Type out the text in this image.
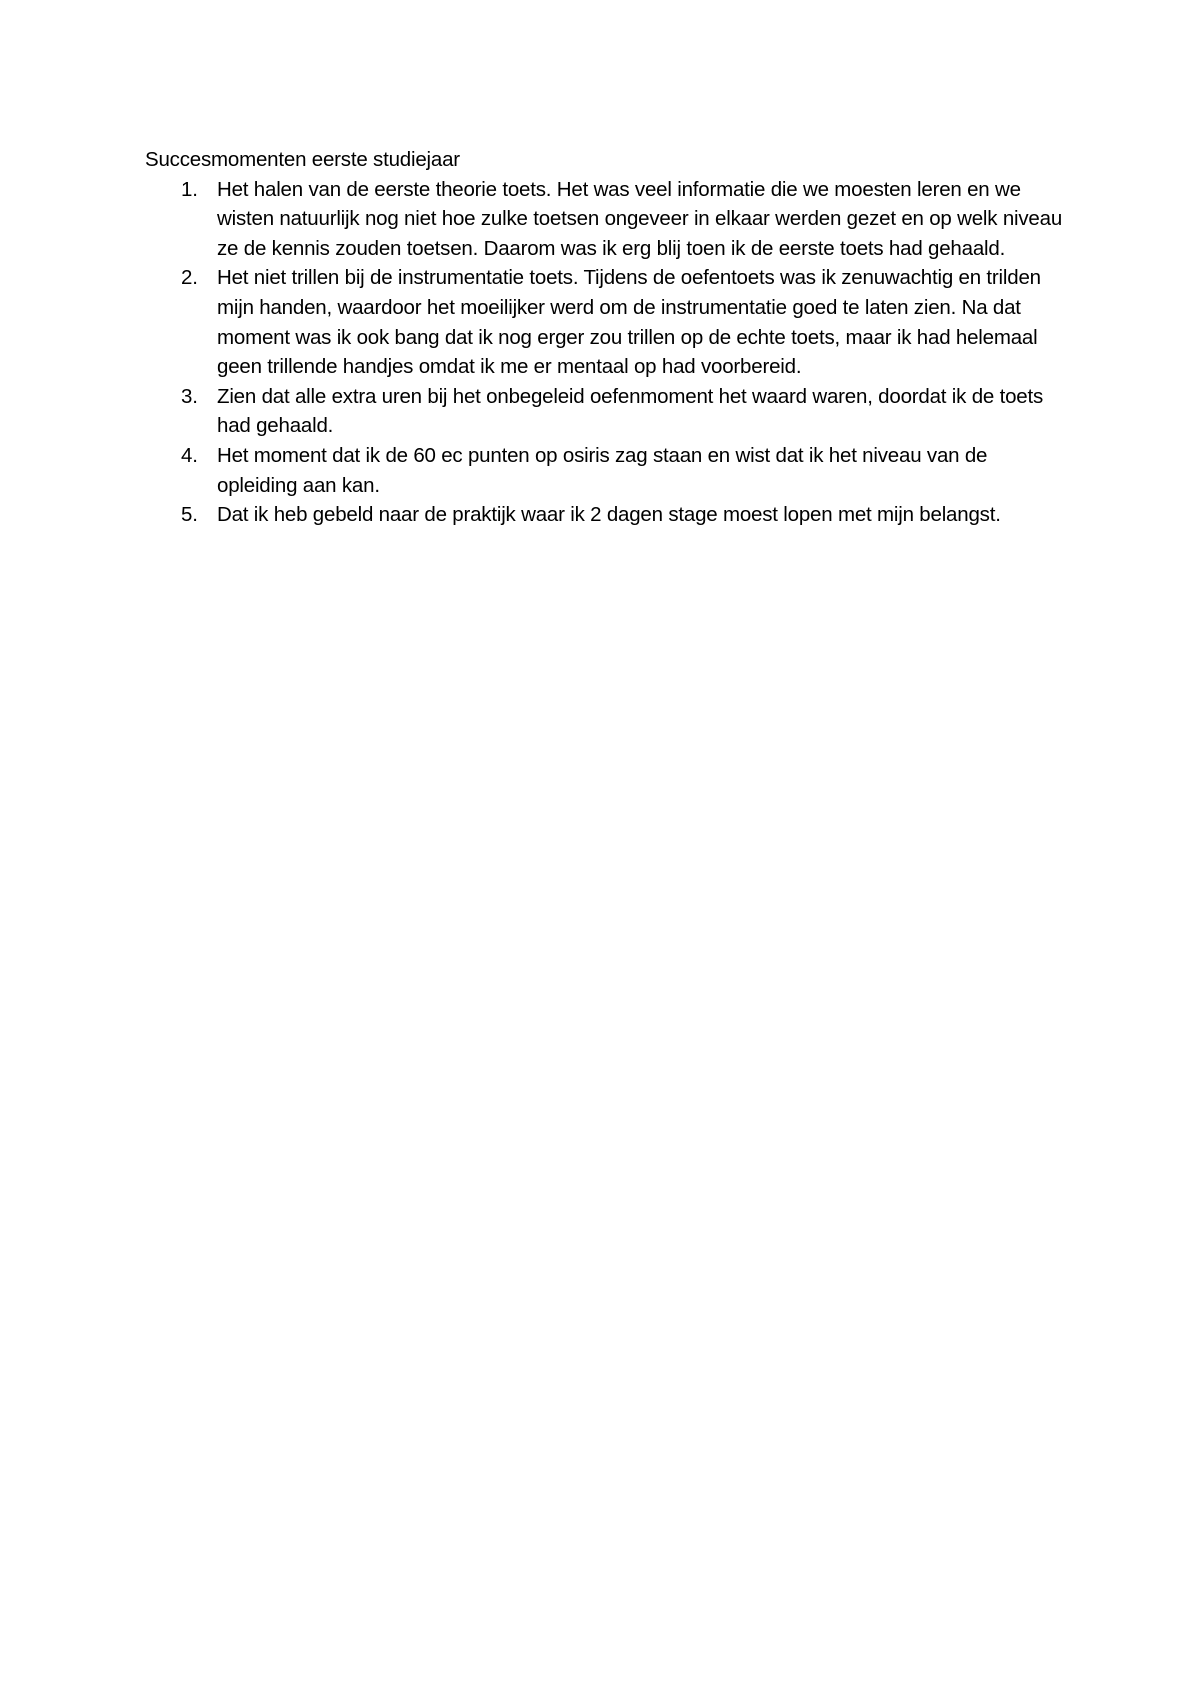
Succesmomenten eerste studiejaar

1. Het halen van de eerste theorie toets. Het was veel informatie die we moesten leren en we wisten natuurlijk nog niet hoe zulke toetsen ongeveer in elkaar werden gezet en op welk niveau ze de kennis zouden toetsen. Daarom was ik erg blij toen ik de eerste toets had gehaald.
2. Het niet trillen bij de instrumentatie toets. Tijdens de oefentoets was ik zenuwachtig en trilden mijn handen, waardoor het moeilijker werd om de instrumentatie goed te laten zien. Na dat moment was ik ook bang dat ik nog erger zou trillen op de echte toets, maar ik had helemaal geen trillende handjes omdat ik me er mentaal op had voorbereid.
3. Zien dat alle extra uren bij het onbegeleid oefenmoment het waard waren, doordat ik de toets had gehaald.
4. Het moment dat ik de 60 ec punten op osiris zag staan en wist dat ik het niveau van de opleiding aan kan.
5. Dat ik heb gebeld naar de praktijk waar ik 2 dagen stage moest lopen met mijn belangst.
